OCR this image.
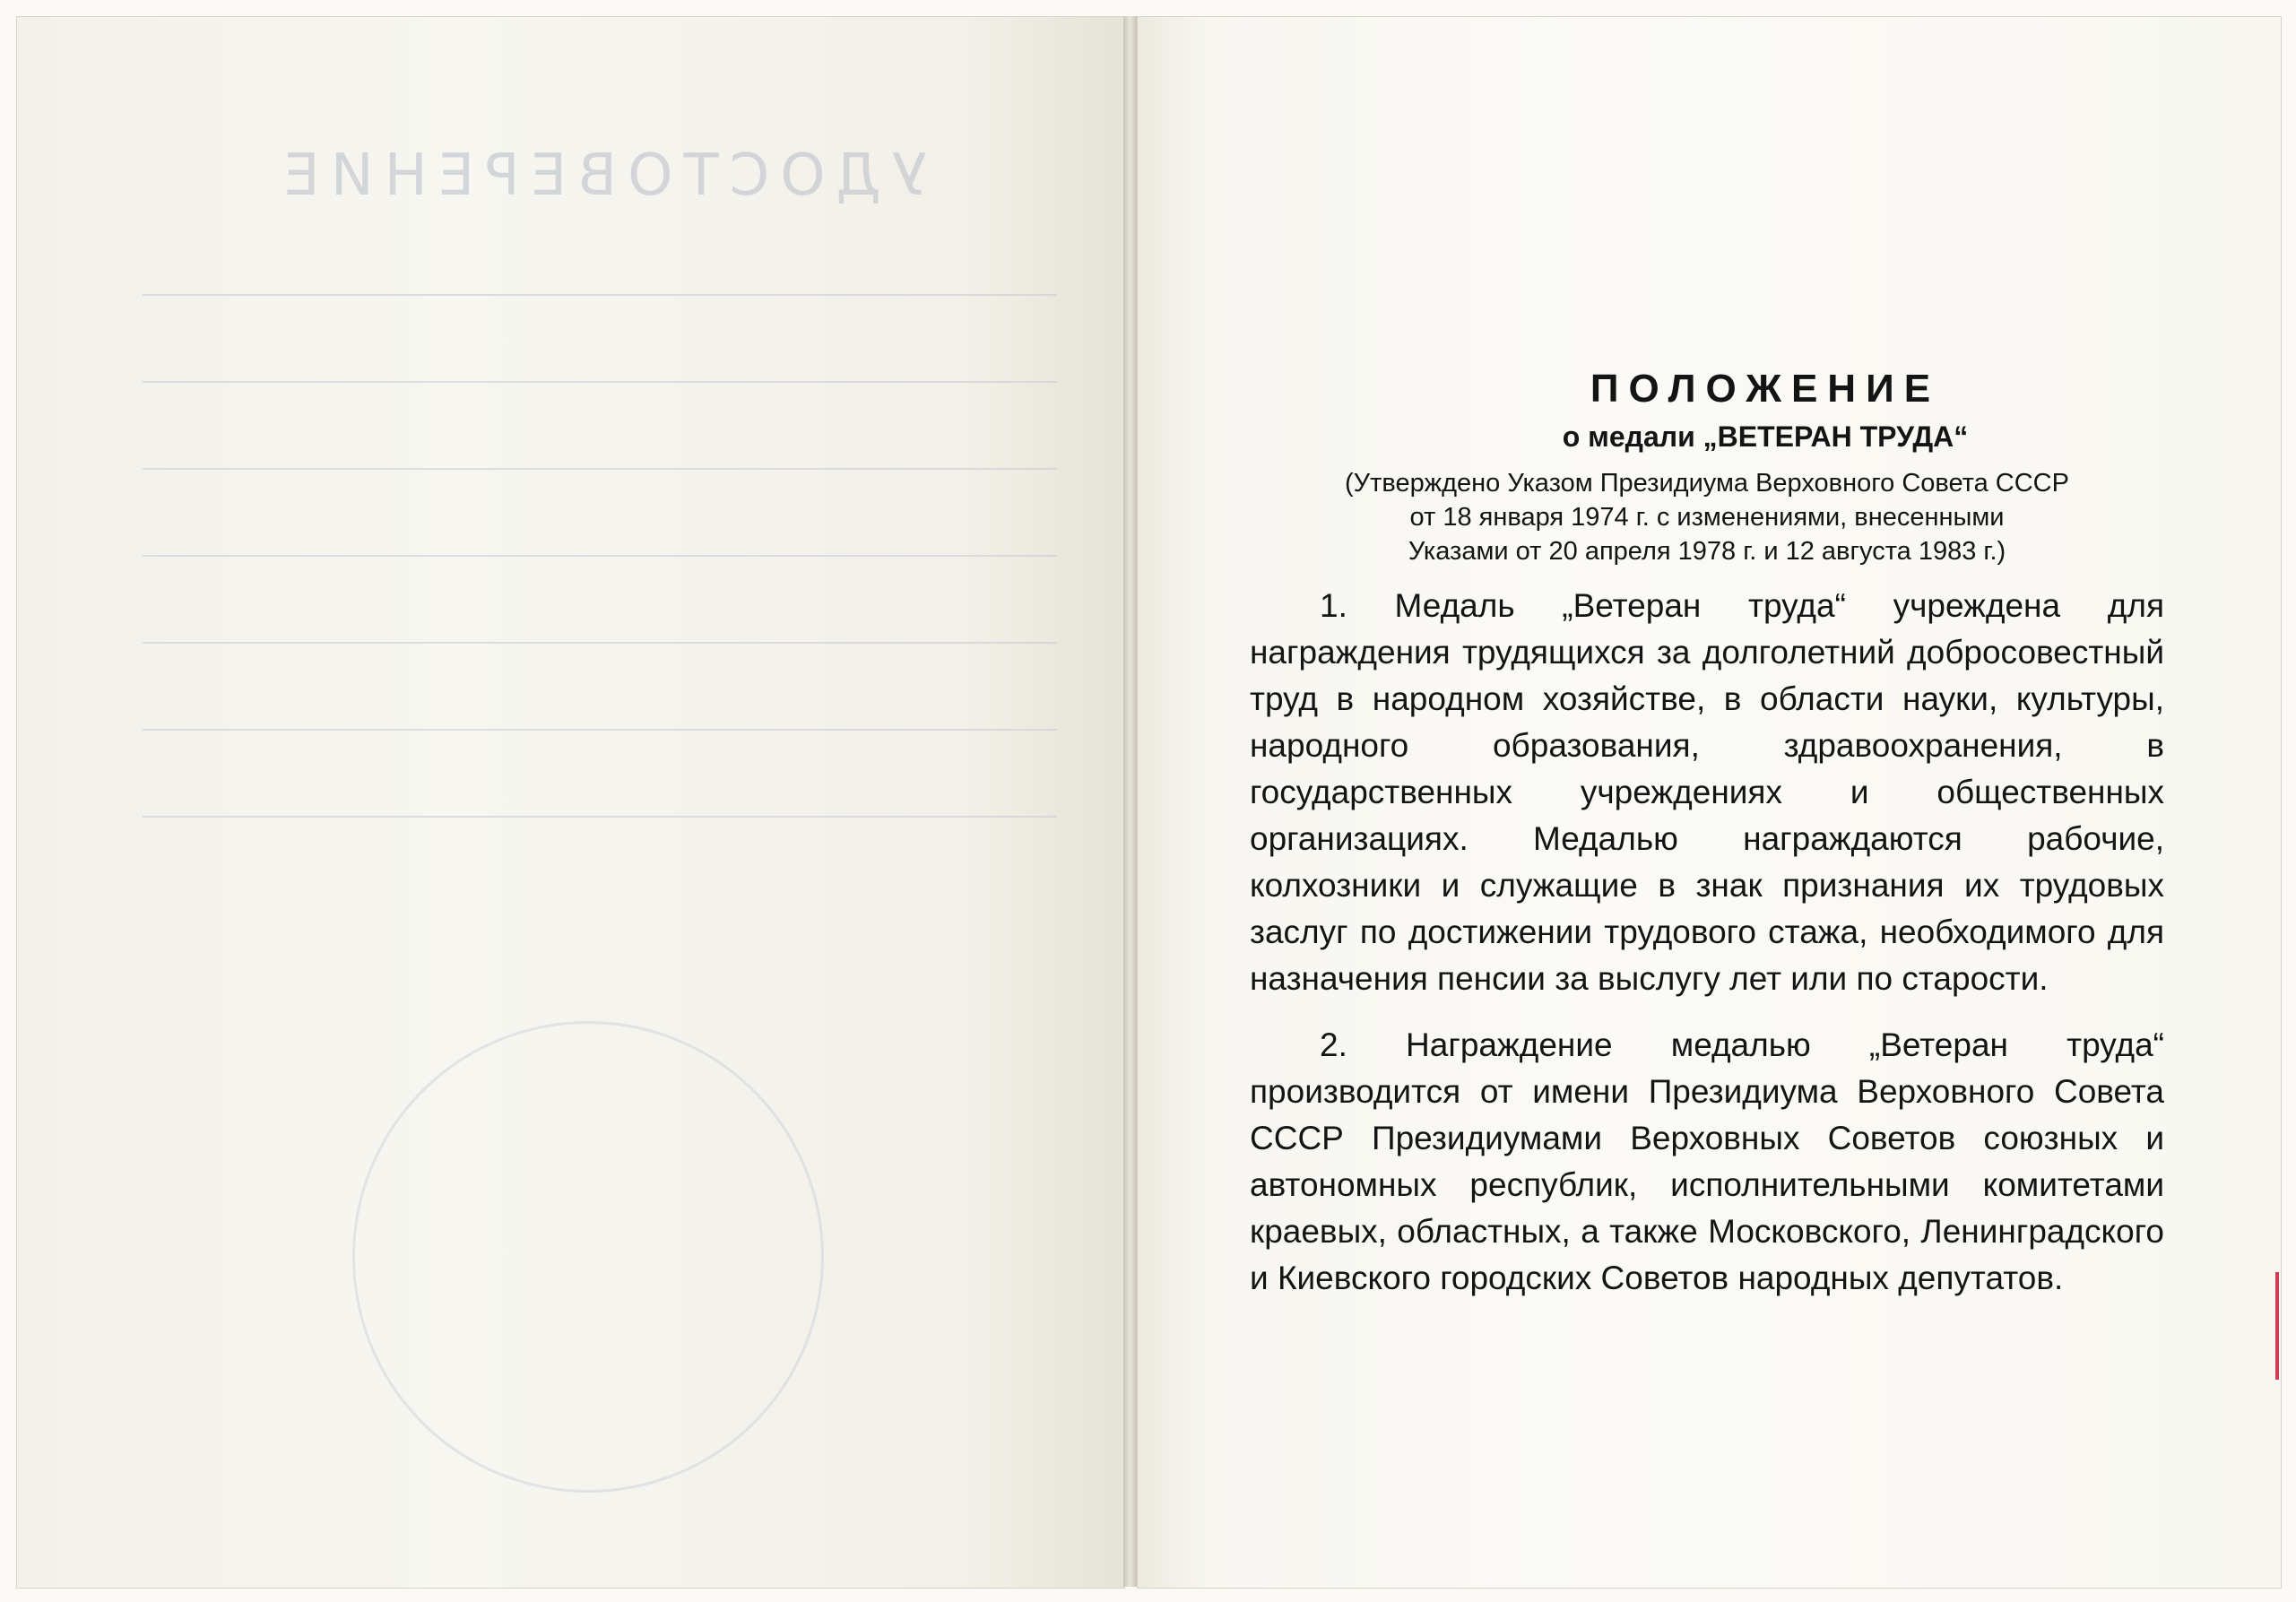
УДОСТОВЕРЕНИЕ
ПОЛОЖЕНИЕ
о медали „ВЕТЕРАН ТРУДА“
(Утверждено Указом Президиума Верховного Совета СССР
от 18 января 1974 г. с изменениями, внесенными
Указами от 20 апреля 1978 г. и 12 августа 1983 г.)

1. Медаль „Ветеран труда“ учреждена для награждения трудящихся за долголетний добросовестный труд в народном хозяйстве, в области науки, культуры, народного образования, здравоохранения, в государственных учреждениях и общественных организациях. Медалью награждаются рабочие, колхозники и служащие в знак признания их трудовых заслуг по достижении трудового стажа, необходимого для назначения пенсии за выслугу лет или по старости.

2. Награждение медалью „Ветеран труда“ производится от имени Президиума Верховного Совета СССР Президиумами Верховных Советов союзных и автономных республик, исполнительными комитетами краевых, областных, а также Московского, Ленинградского и Киевского городских Советов народных депутатов.
